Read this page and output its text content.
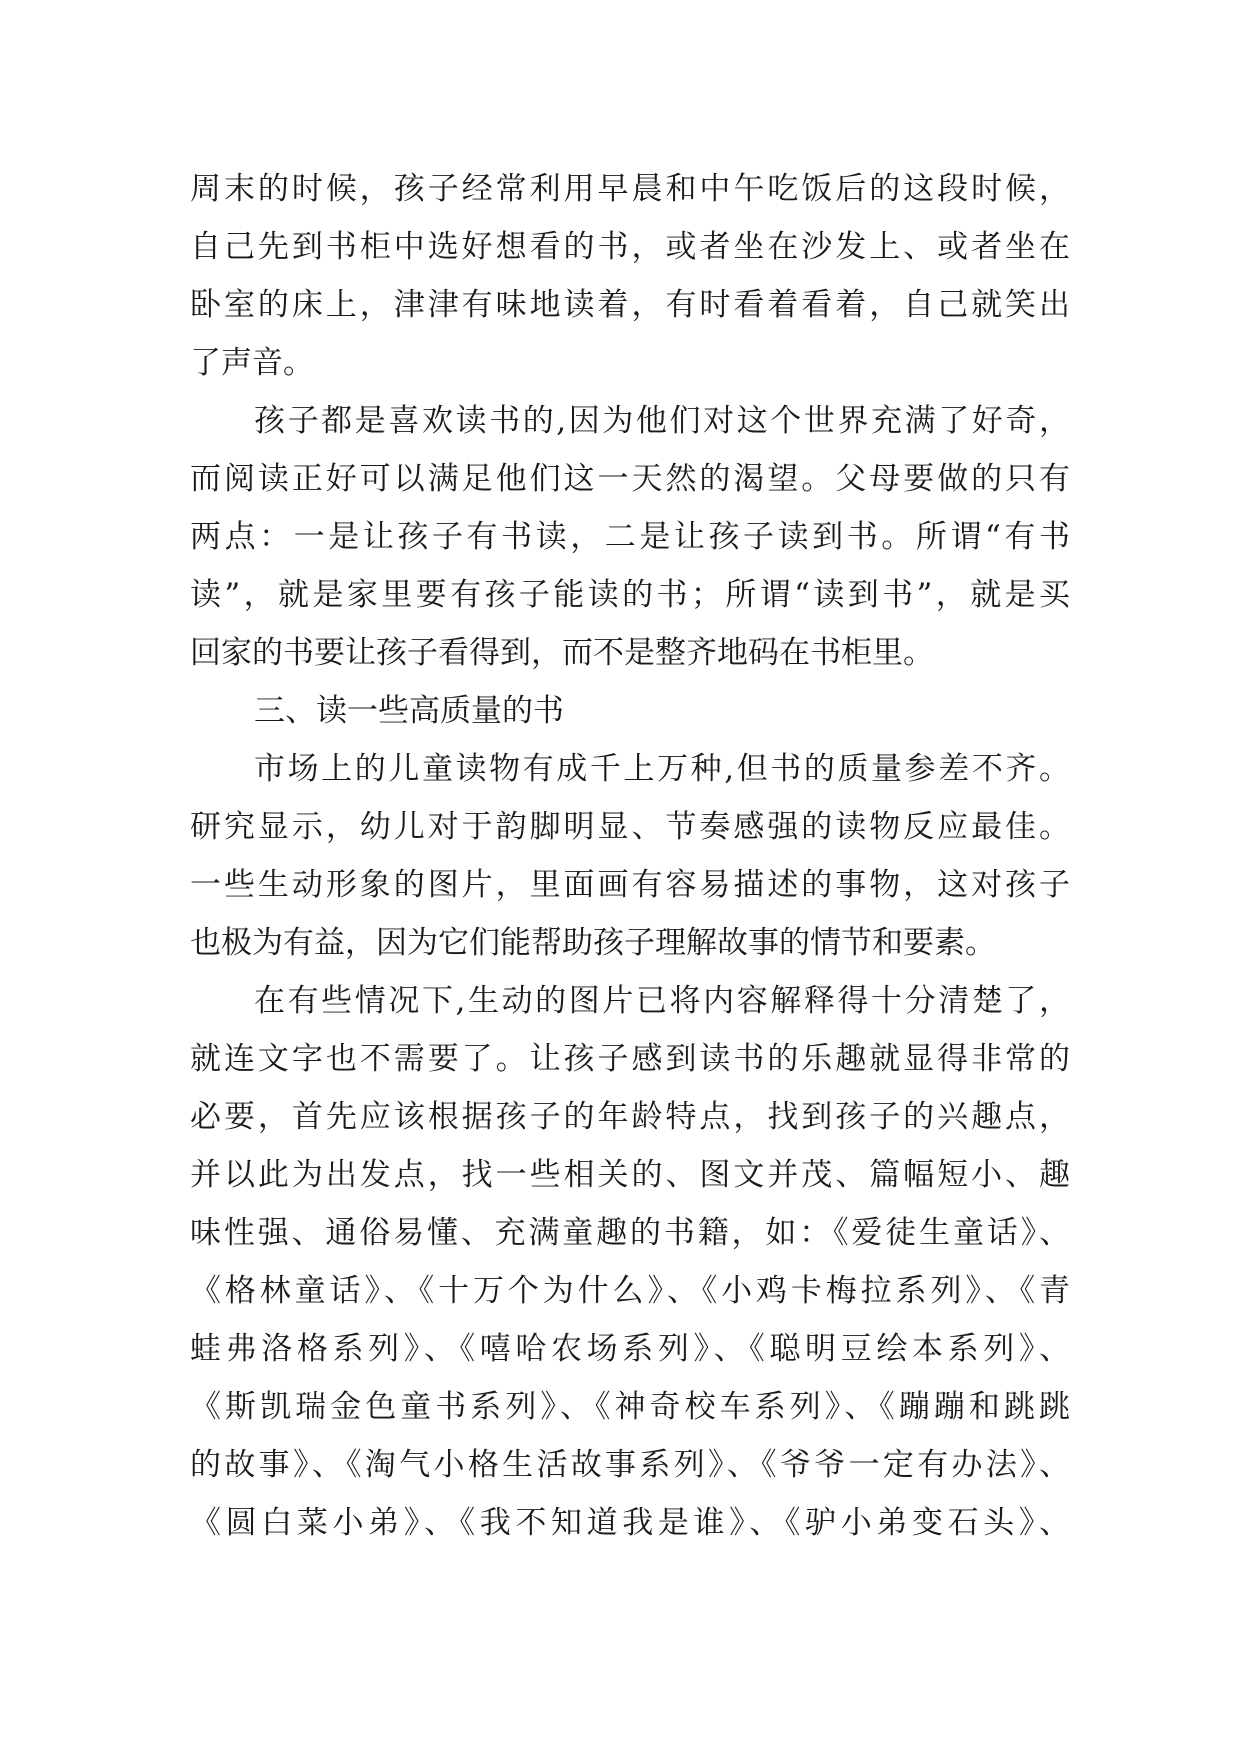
周末的时候，孩子经常利用早晨和中午吃饭后的这段时候，
自己先到书柜中选好想看的书，或者坐在沙发上、或者坐在
卧室的床上，津津有味地读着，有时看着看着，自己就笑出
了声音。
孩子都是喜欢读书的,因为他们对这个世界充满了好奇，
而阅读正好可以满足他们这一天然的渴望。父母要做的只有
两点：一是让孩子有书读，二是让孩子读到书。所谓“有书
读”，就是家里要有孩子能读的书；所谓“读到书”，就是买
回家的书要让孩子看得到，而不是整齐地码在书柜里。
三、读一些高质量的书
市场上的儿童读物有成千上万种,但书的质量参差不齐。
研究显示，幼儿对于韵脚明显、节奏感强的读物反应最佳。
一些生动形象的图片，里面画有容易描述的事物，这对孩子
也极为有益，因为它们能帮助孩子理解故事的情节和要素。
在有些情况下,生动的图片已将内容解释得十分清楚了，
就连文字也不需要了。让孩子感到读书的乐趣就显得非常的
必要，首先应该根据孩子的年龄特点，找到孩子的兴趣点，
并以此为出发点，找一些相关的、图文并茂、篇幅短小、趣
味性强、通俗易懂、充满童趣的书籍，如：《爱徒生童话》、
《格林童话》、《十万个为什么》、《小鸡卡梅拉系列》、《青
蛙弗洛格系列》、《嘻哈农场系列》、《聪明豆绘本系列》、
《斯凯瑞金色童书系列》、《神奇校车系列》、《蹦蹦和跳跳
的故事》、《淘气小格生活故事系列》、《爷爷一定有办法》、
《圆白菜小弟》、《我不知道我是谁》、《驴小弟变石头》、
